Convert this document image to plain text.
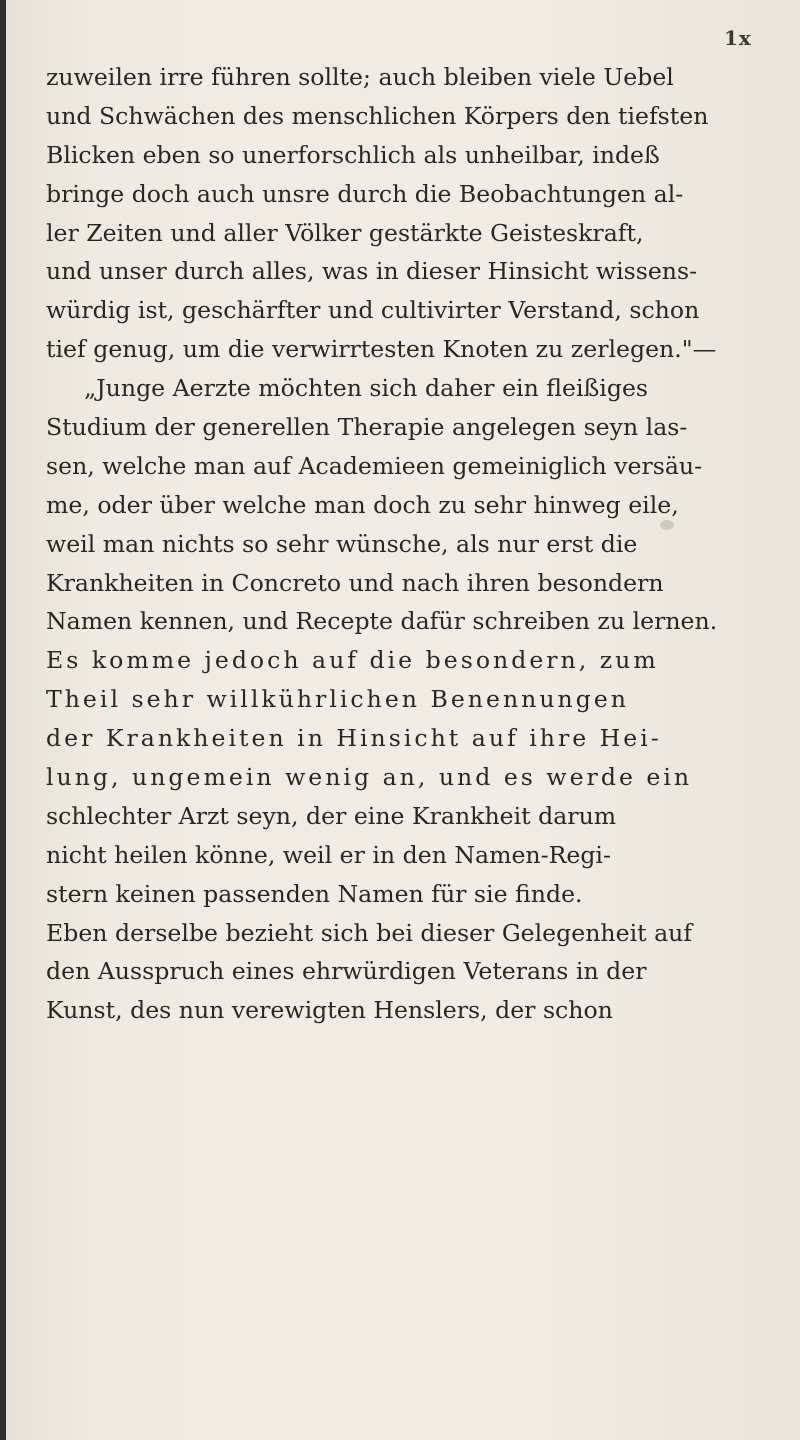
1x
zuweilen irre führen sollte; auch bleiben viele Uebel
und Schwächen des menschlichen Körpers den tiefsten
Blicken eben so unerforschlich als unheilbar, indeß
bringe doch auch unsre durch die Beobachtungen al-
ler Zeiten und aller Völker gestärkte Geisteskraft,
und unser durch alles, was in dieser Hinsicht wissens-
würdig ist, geschärfter und cultivirter Verstand, schon
tief genug, um die verwirrtesten Knoten zu zerlegen."—
„Junge Aerzte möchten sich daher ein fleißiges
Studium der generellen Therapie angelegen seyn las-
sen, welche man auf Academieen gemeiniglich versäu-
me, oder über welche man doch zu sehr hinweg eile,
weil man nichts so sehr wünsche, als nur erst die
Krankheiten in Concreto und nach ihren besondern
Namen kennen, und Recepte dafür schreiben zu lernen.
Es komme jedoch auf die besondern, zum
Theil sehr willkührlichen Benennungen
der Krankheiten in Hinsicht auf ihre Hei-
lung, ungemein wenig an, und es werde ein
schlechter Arzt seyn, der eine Krankheit darum
nicht heilen könne, weil er in den Namen-Regi-
stern keinen passenden Namen für sie finde.
Eben derselbe bezieht sich bei dieser Gelegenheit auf
den Ausspruch eines ehrwürdigen Veterans in der
Kunst, des nun verewigten Henslers, der schon
